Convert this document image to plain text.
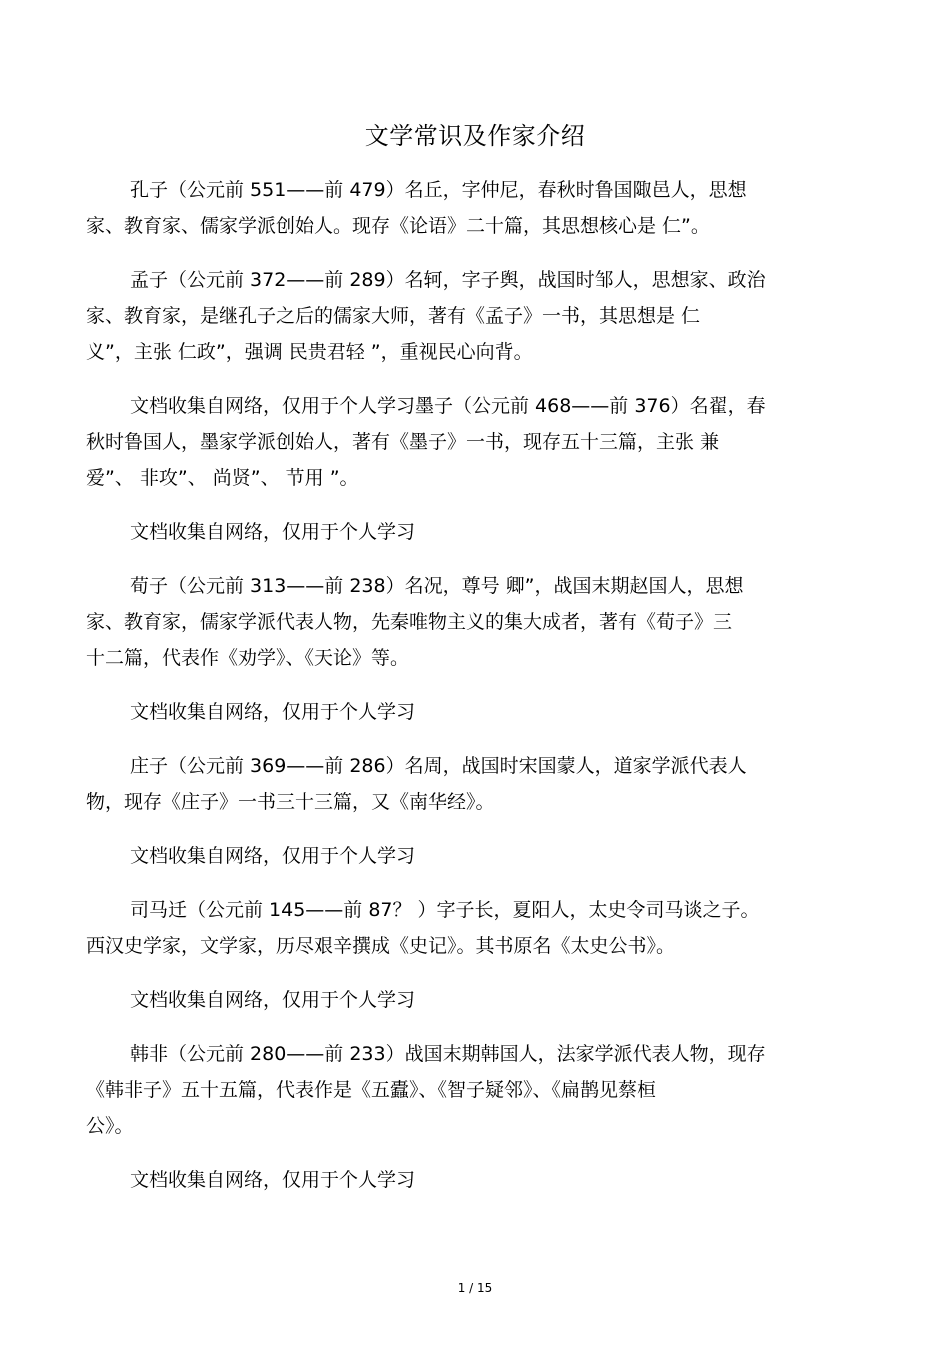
文学常识及作家介绍

孔子（公元前 551——前 479）名丘，字仲尼，春秋时鲁国陬邑人，思想
家、教育家、儒家学派创始人。现存《论语》二十篇，其思想核心是 仁”。

孟子（公元前 372——前 289）名轲，字子舆，战国时邹人，思想家、政治
家、教育家，是继孔子之后的儒家大师，著有《孟子》一书，其思想是 仁
义”，主张 仁政”，强调 民贵君轻 ”，重视民心向背。

文档收集自网络，仅用于个人学习墨子（公元前 468——前 376）名翟，春
秋时鲁国人，墨家学派创始人，著有《墨子》一书，现存五十三篇，主张 兼
爱”、 非攻”、 尚贤”、 节用 ”。

文档收集自网络，仅用于个人学习

荀子（公元前 313——前 238）名况，尊号 卿”，战国末期赵国人，思想
家、教育家，儒家学派代表人物，先秦唯物主义的集大成者，著有《荀子》三
十二篇，代表作《劝学》、《天论》等。

文档收集自网络，仅用于个人学习

庄子（公元前 369——前 286）名周，战国时宋国蒙人，道家学派代表人
物，现存《庄子》一书三十三篇，又《南华经》。

文档收集自网络，仅用于个人学习

司马迁（公元前 145——前 87？ ）字子长，夏阳人，太史令司马谈之子。
西汉史学家，文学家，历尽艰辛撰成《史记》。其书原名《太史公书》。

文档收集自网络，仅用于个人学习

韩非（公元前 280——前 233）战国末期韩国人，法家学派代表人物，现存
《韩非子》五十五篇，代表作是《五蠹》、《智子疑邻》、《扁鹊见蔡桓
公》。

文档收集自网络，仅用于个人学习

1 / 15
